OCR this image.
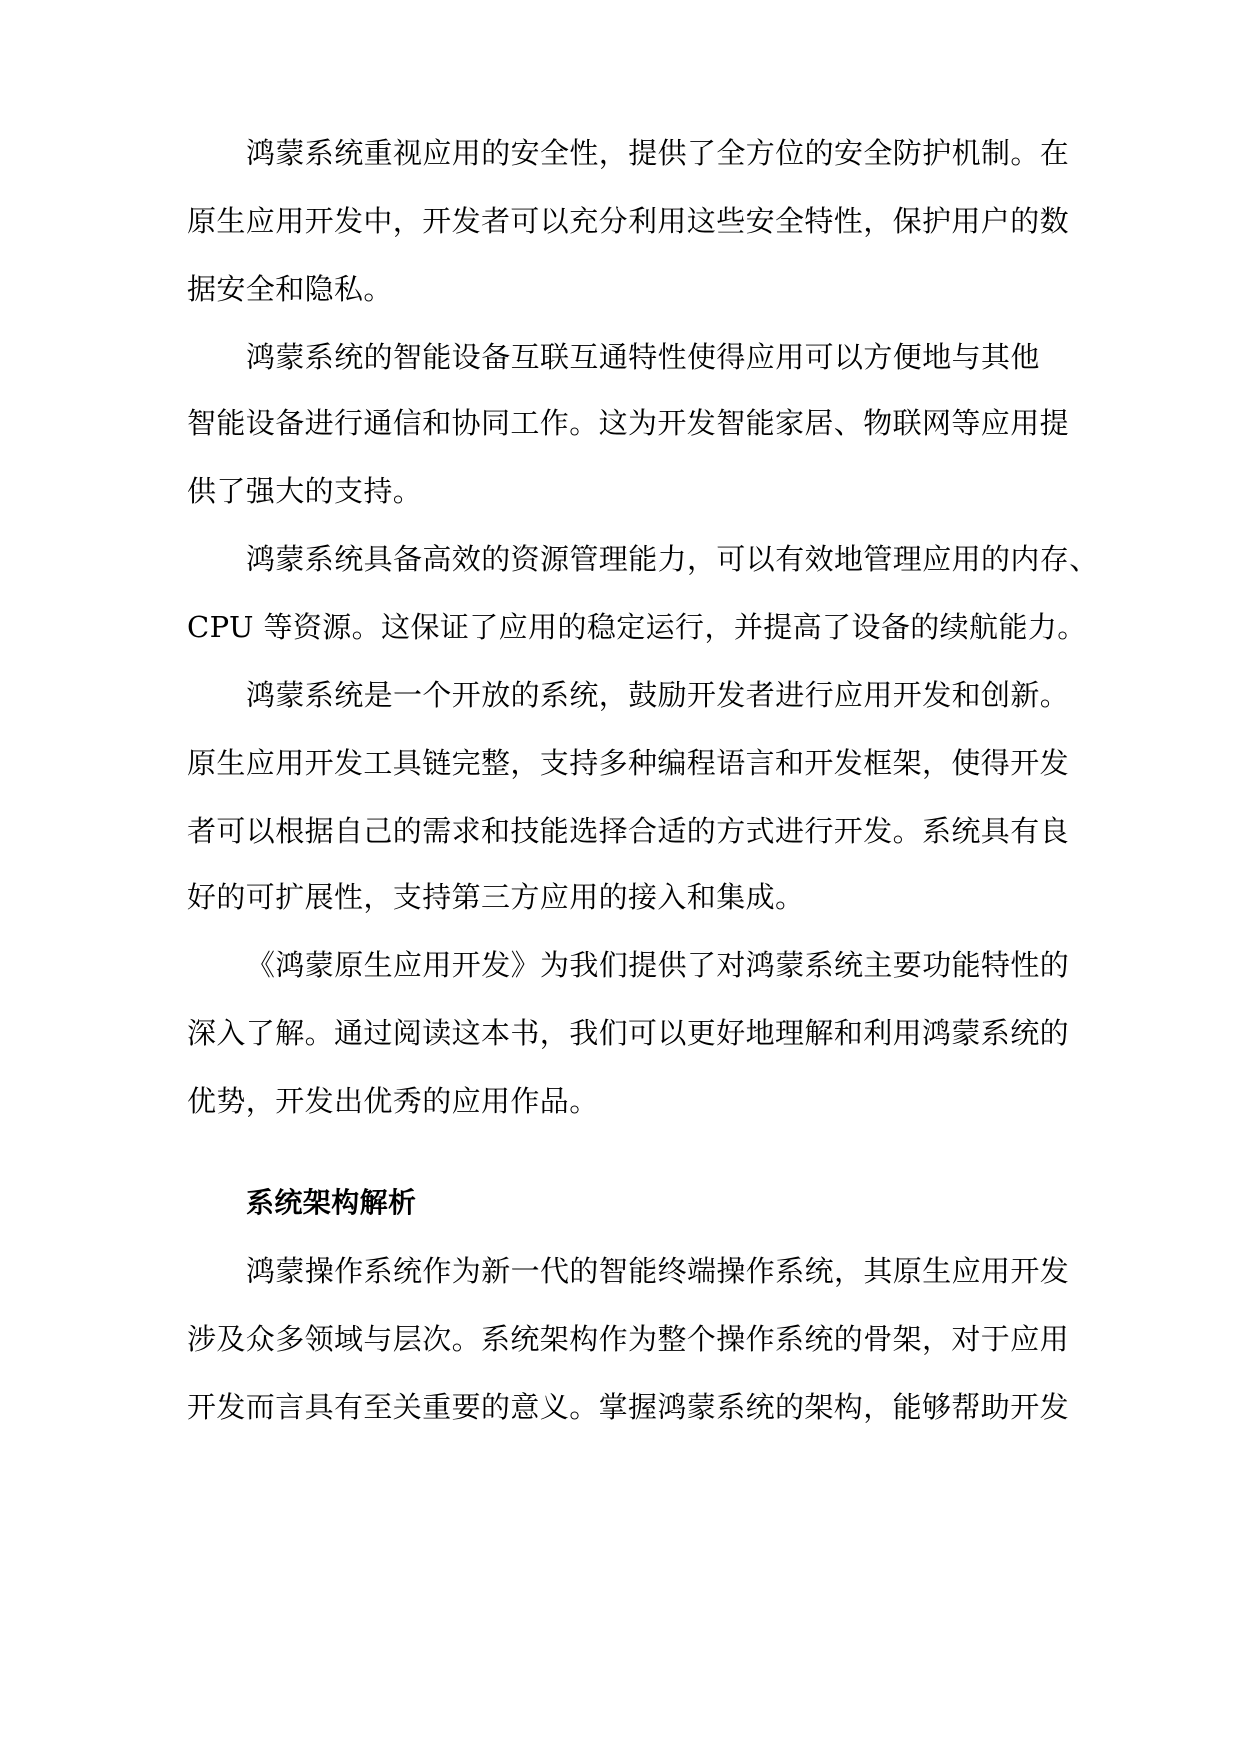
鸿蒙系统重视应用的安全性，提供了全方位的安全防护机制。在
原生应用开发中，开发者可以充分利用这些安全特性，保护用户的数
据安全和隐私。
鸿蒙系统的智能设备互联互通特性使得应用可以方便地与其他
智能设备进行通信和协同工作。这为开发智能家居、物联网等应用提
供了强大的支持。
鸿蒙系统具备高效的资源管理能力，可以有效地管理应用的内存、
CPU 等资源。这保证了应用的稳定运行，并提高了设备的续航能力。
鸿蒙系统是一个开放的系统，鼓励开发者进行应用开发和创新。
原生应用开发工具链完整，支持多种编程语言和开发框架，使得开发
者可以根据自己的需求和技能选择合适的方式进行开发。系统具有良
好的可扩展性，支持第三方应用的接入和集成。
《鸿蒙原生应用开发》为我们提供了对鸿蒙系统主要功能特性的
深入了解。通过阅读这本书，我们可以更好地理解和利用鸿蒙系统的
优势，开发出优秀的应用作品。
系统架构解析
鸿蒙操作系统作为新一代的智能终端操作系统，其原生应用开发
涉及众多领域与层次。系统架构作为整个操作系统的骨架，对于应用
开发而言具有至关重要的意义。掌握鸿蒙系统的架构，能够帮助开发
